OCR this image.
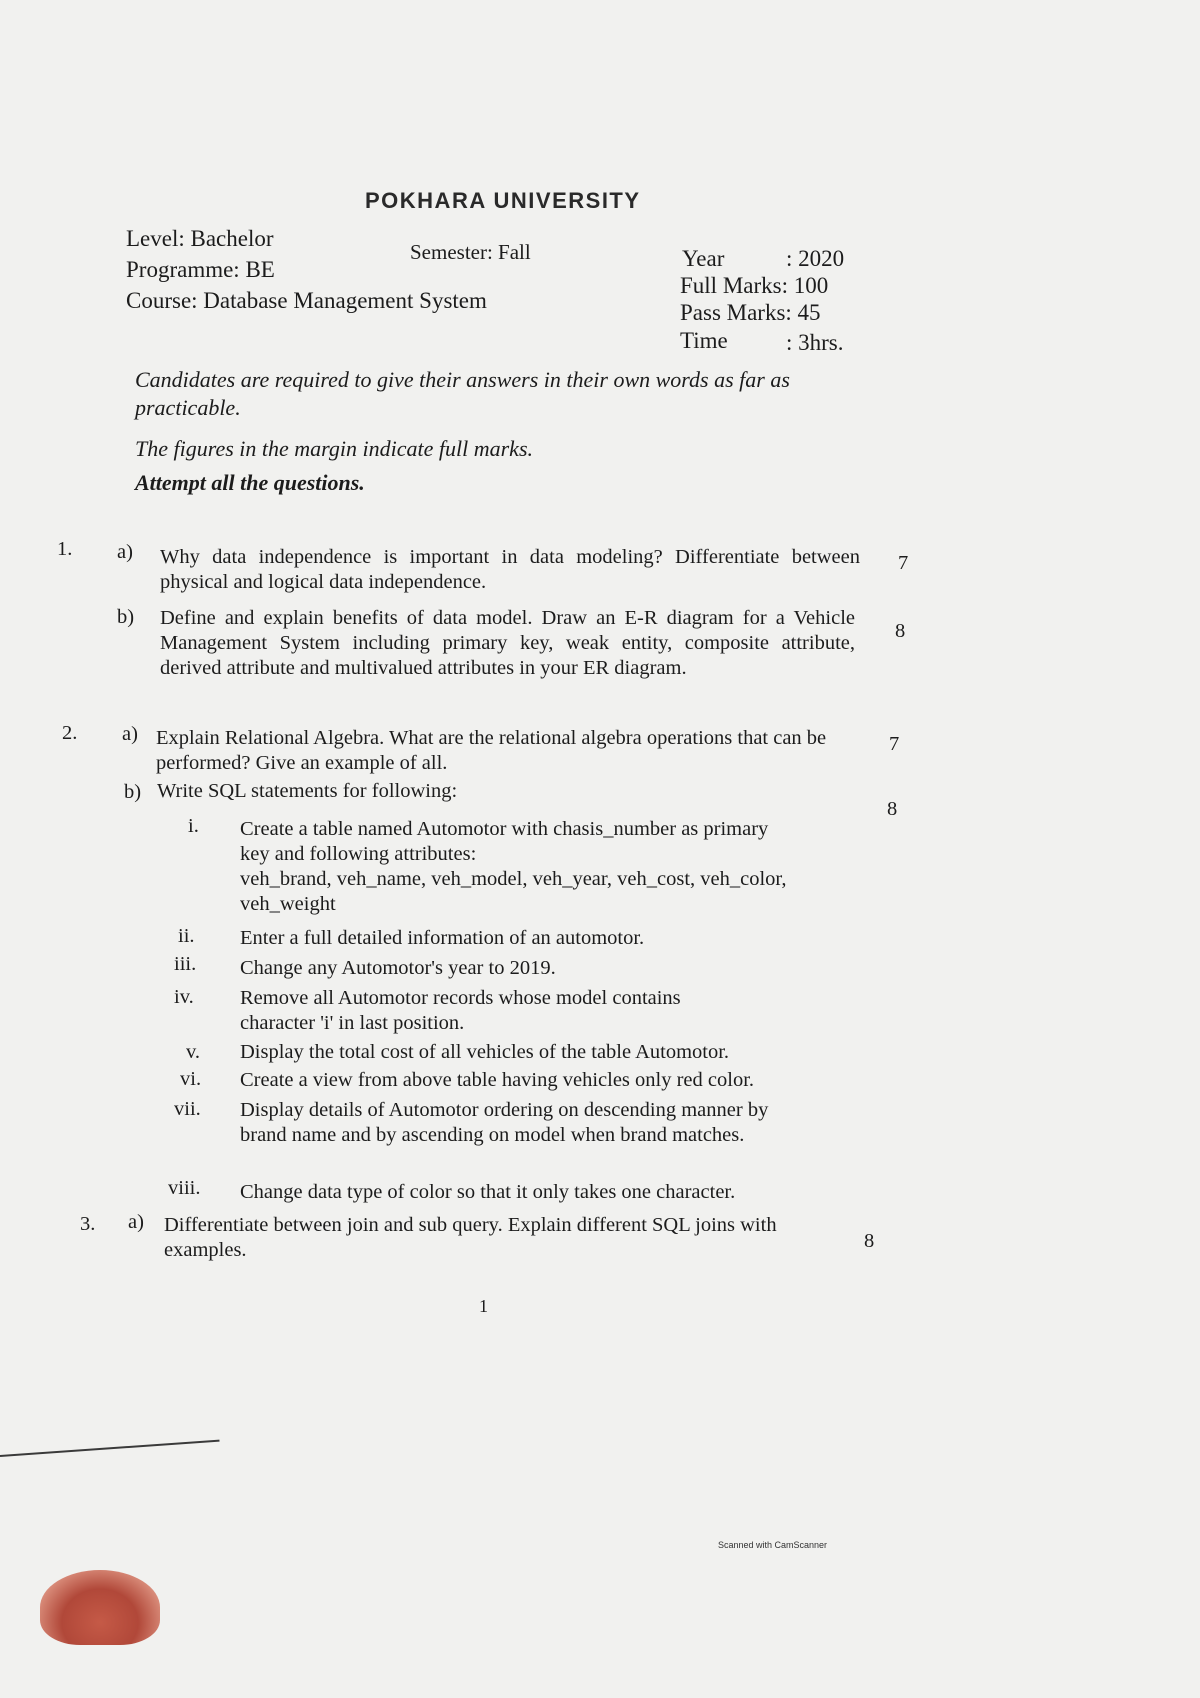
POKHARA UNIVERSITY
Level: Bachelor
Programme: BE
Course: Database Management System
Semester: Fall	Year	: 2020
Full Marks: 100
Pass Marks: 45
Time	: 3hrs.
Candidates are required to give their answers in their own words as far as practicable.
The figures in the margin indicate full marks.
Attempt all the questions.
1. a) Why data independence is important in data modeling? Differentiate between physical and logical data independence.
7
b) Define and explain benefits of data model. Draw an E-R diagram for a Vehicle Management System including primary key, weak entity, composite attribute, derived attribute and multivalued attributes in your ER diagram.
8
2. a) Explain Relational Algebra. What are the relational algebra operations that can be performed? Give an example of all.
7
b) Write SQL statements for following:
8
i. Create a table named Automotor with chasis_number as primary key and following attributes:
veh_brand, veh_name, veh_model, veh_year, veh_cost, veh_color, veh_weight
ii. Enter a full detailed information of an automotor.
iii. Change any Automotor's year to 2019.
iv. Remove all Automotor records whose model contains character 'i' in last position.
v. Display the total cost of all vehicles of the table Automotor.
vi. Create a view from above table having vehicles only red color.
vii. Display details of Automotor ordering on descending manner by brand name and by ascending on model when brand matches.
viii. Change data type of color so that it only takes one character.
3. a) Differentiate between join and sub query. Explain different SQL joins with examples.	8
1
Scanned with CamScanner
